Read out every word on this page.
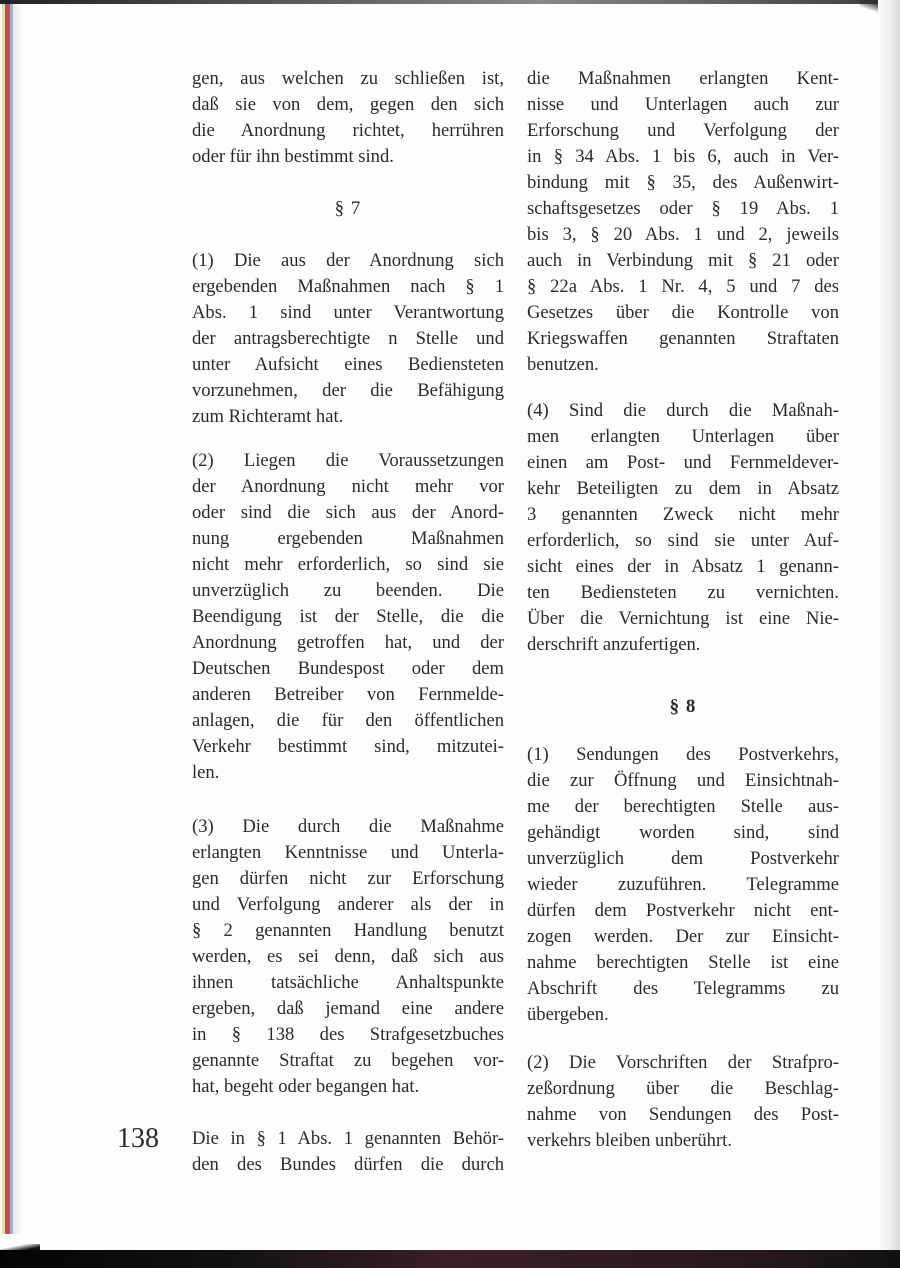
gen, aus welchen zu schließen ist,
daß sie von dem, gegen den sich
die Anordnung richtet, herrühren
oder für ihn bestimmt sind.
§ 7
(1) Die aus der Anordnung sich
ergebenden Maßnahmen nach § 1
Abs. 1 sind unter Verantwortung
der antragsberechtigte n Stelle und
unter Aufsicht eines Bediensteten
vorzunehmen, der die Befähigung
zum Richteramt hat.
(2) Liegen die Voraussetzungen
der Anordnung nicht mehr vor
oder sind die sich aus der Anord-
nung ergebenden Maßnahmen
nicht mehr erforderlich, so sind sie
unverzüglich zu beenden. Die
Beendigung ist der Stelle, die die
Anordnung getroffen hat, und der
Deutschen Bundespost oder dem
anderen Betreiber von Fernmelde-
anlagen, die für den öffentlichen
Verkehr bestimmt sind, mitzutei-
len.
(3) Die durch die Maßnahme
erlangten Kenntnisse und Unterla-
gen dürfen nicht zur Erforschung
und Verfolgung anderer als der in
§ 2 genannten Handlung benutzt
werden, es sei denn, daß sich aus
ihnen tatsächliche Anhaltspunkte
ergeben, daß jemand eine andere
in § 138 des Strafgesetzbuches
genannte Straftat zu begehen vor-
hat, begeht oder begangen hat.
Die in § 1 Abs. 1 genannten Behör-
den des Bundes dürfen die durch
die Maßnahmen erlangten Kent-
nisse und Unterlagen auch zur
Erforschung und Verfolgung der
in § 34 Abs. 1 bis 6, auch in Ver-
bindung mit § 35, des Außenwirt-
schaftsgesetzes oder § 19 Abs. 1
bis 3, § 20 Abs. 1 und 2, jeweils
auch in Verbindung mit § 21 oder
§ 22a Abs. 1 Nr. 4, 5 und 7 des
Gesetzes über die Kontrolle von
Kriegswaffen genannten Straftaten
benutzen.
(4) Sind die durch die Maßnah-
men erlangten Unterlagen über
einen am Post- und Fernmeldever-
kehr Beteiligten zu dem in Absatz
3 genannten Zweck nicht mehr
erforderlich, so sind sie unter Auf-
sicht eines der in Absatz 1 genann-
ten Bediensteten zu vernichten.
Über die Vernichtung ist eine Nie-
derschrift anzufertigen.
§ 8
(1) Sendungen des Postverkehrs,
die zur Öffnung und Einsichtnah-
me der berechtigten Stelle aus-
gehändigt worden sind, sind
unverzüglich dem Postverkehr
wieder zuzuführen. Telegramme
dürfen dem Postverkehr nicht ent-
zogen werden. Der zur Einsicht-
nahme berechtigten Stelle ist eine
Abschrift des Telegramms zu
übergeben.
(2) Die Vorschriften der Strafpro-
zeßordnung über die Beschlag-
nahme von Sendungen des Post-
verkehrs bleiben unberührt.
138
